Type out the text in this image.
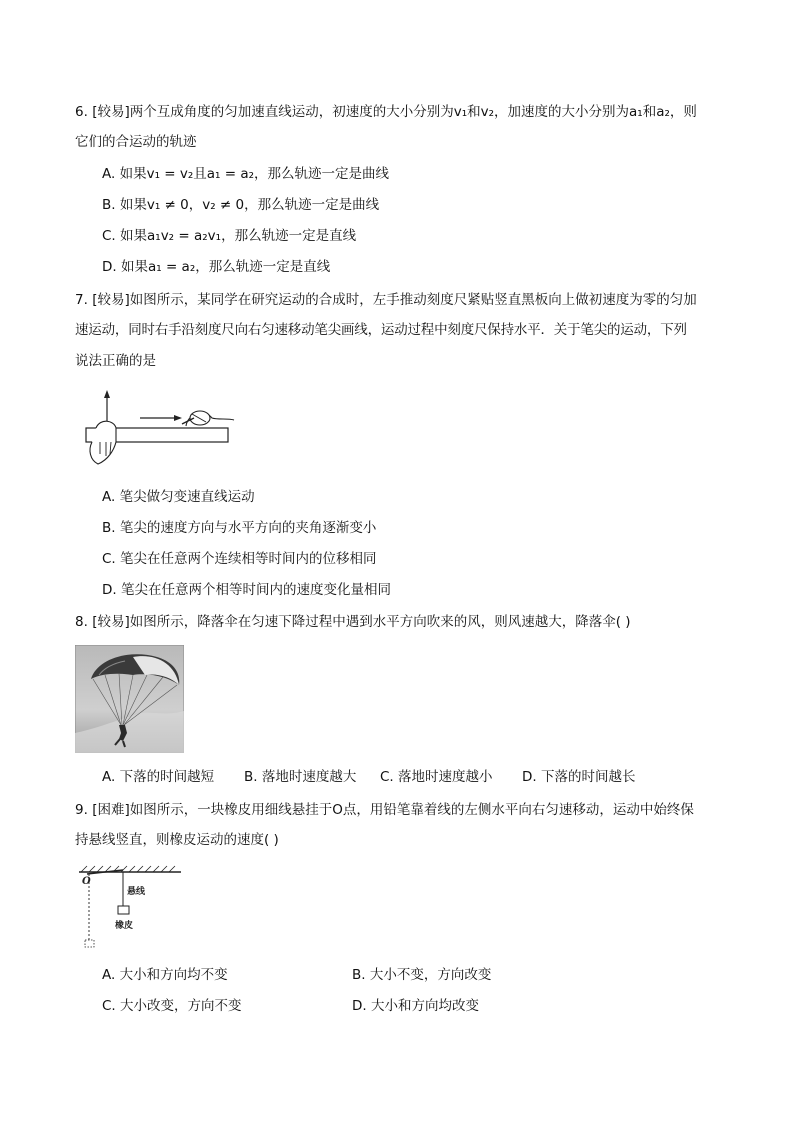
6. [较易]两个互成角度的匀加速直线运动，初速度的大小分别为v₁和v₂，加速度的大小分别为a₁和a₂，则
它们的合运动的轨迹
A. 如果v₁ = v₂且a₁ = a₂，那么轨迹一定是曲线
B. 如果v₁ ≠ 0，v₂ ≠ 0，那么轨迹一定是曲线
C. 如果a₁v₂ = a₂v₁，那么轨迹一定是直线
D. 如果a₁ = a₂，那么轨迹一定是直线
7. [较易]如图所示，某同学在研究运动的合成时，左手推动刻度尺紧贴竖直黑板向上做初速度为零的匀加
速运动，同时右手沿刻度尺向右匀速移动笔尖画线，运动过程中刻度尺保持水平．关于笔尖的运动，下列
说法正确的是
A. 笔尖做匀变速直线运动
B. 笔尖的速度方向与水平方向的夹角逐渐变小
C. 笔尖在任意两个连续相等时间内的位移相同
D. 笔尖在任意两个相等时间内的速度变化量相同
8. [较易]如图所示，降落伞在匀速下降过程中遇到水平方向吹来的风，则风速越大，降落伞( )
A. 下落的时间越短 B. 落地时速度越大 C. 落地时速度越小 D. 下落的时间越长
9. [困难]如图所示，一块橡皮用细线悬挂于O点，用铅笔靠着线的左侧水平向右匀速移动，运动中始终保
持悬线竖直，则橡皮运动的速度( )
O
悬线
橡皮
A. 大小和方向均不变	B. 大小不变，方向改变
C. 大小改变，方向不变	D. 大小和方向均改变
